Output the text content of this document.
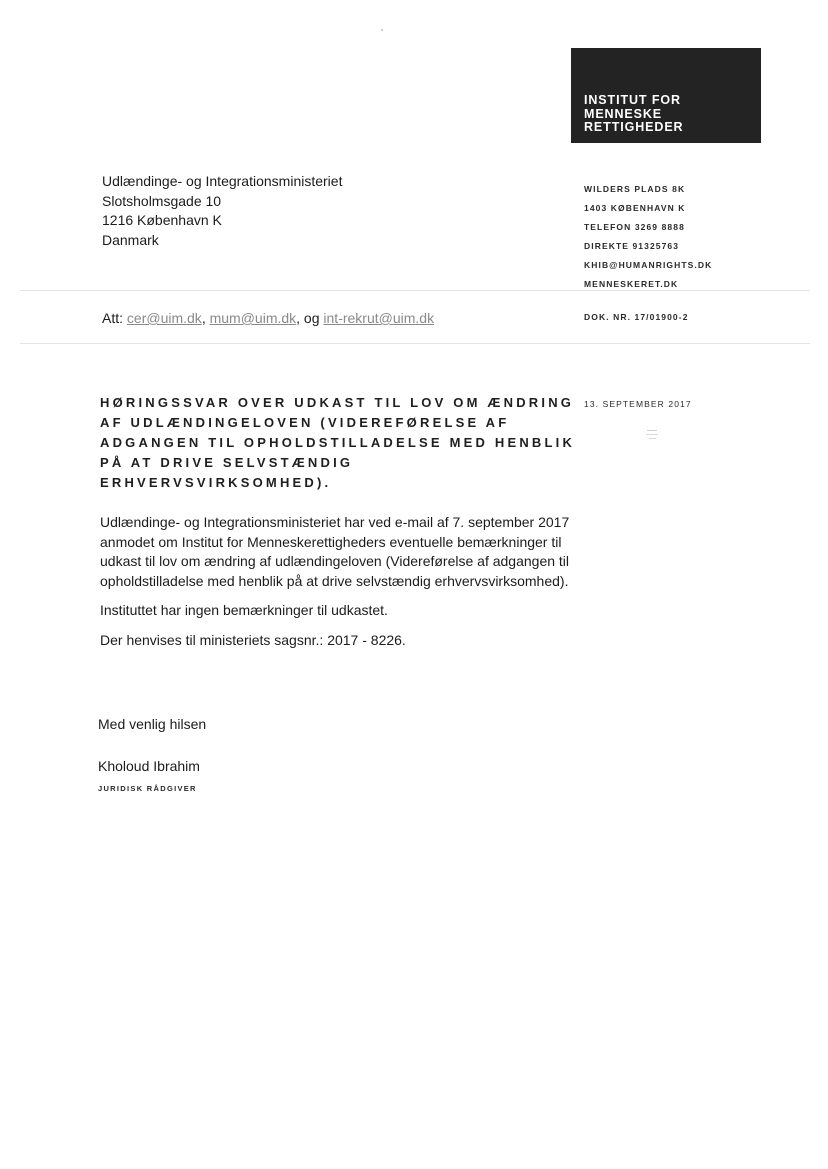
INSTITUT FOR
MENNESKE
RETTIGHEDER
Udlændinge- og Integrationsministeriet
Slotsholmsgade 10
1216 København K
Danmark
WILDERS PLADS 8K
1403 KØBENHAVN K
TELEFON 3269 8888
DIREKTE 91325763
KHIB@HUMANRIGHTS.DK
MENNESKERET.DK
Att: cer@uim.dk, mum@uim.dk, og int-rekrut@uim.dk	DOK. NR. 17/01900-2
HØRINGSSVAR OVER UDKAST TIL LOV OM ÆNDRING
AF UDLÆNDINGELOVEN (VIDEREFØRELSE AF
ADGANGEN TIL OPHOLDSTILLADELSE MED HENBLIK
PÅ AT DRIVE SELVSTÆNDIG
ERHVERVSVIRKSOMHED).
13. SEPTEMBER 2017

Udlændinge- og Integrationsministeriet har ved e-mail af 7. september 2017 anmodet om Institut for Menneskerettigheders eventuelle bemærkninger til udkast til lov om ændring af udlændingeloven (Videreførelse af adgangen til opholdstilladelse med henblik på at drive selvstændig erhvervsvirksomhed).

Instituttet har ingen bemærkninger til udkastet.

Der henvises til ministeriets sagsnr.: 2017 - 8226.

Med venlig hilsen
Kholoud Ibrahim
JURIDISK RÅDGIVER
